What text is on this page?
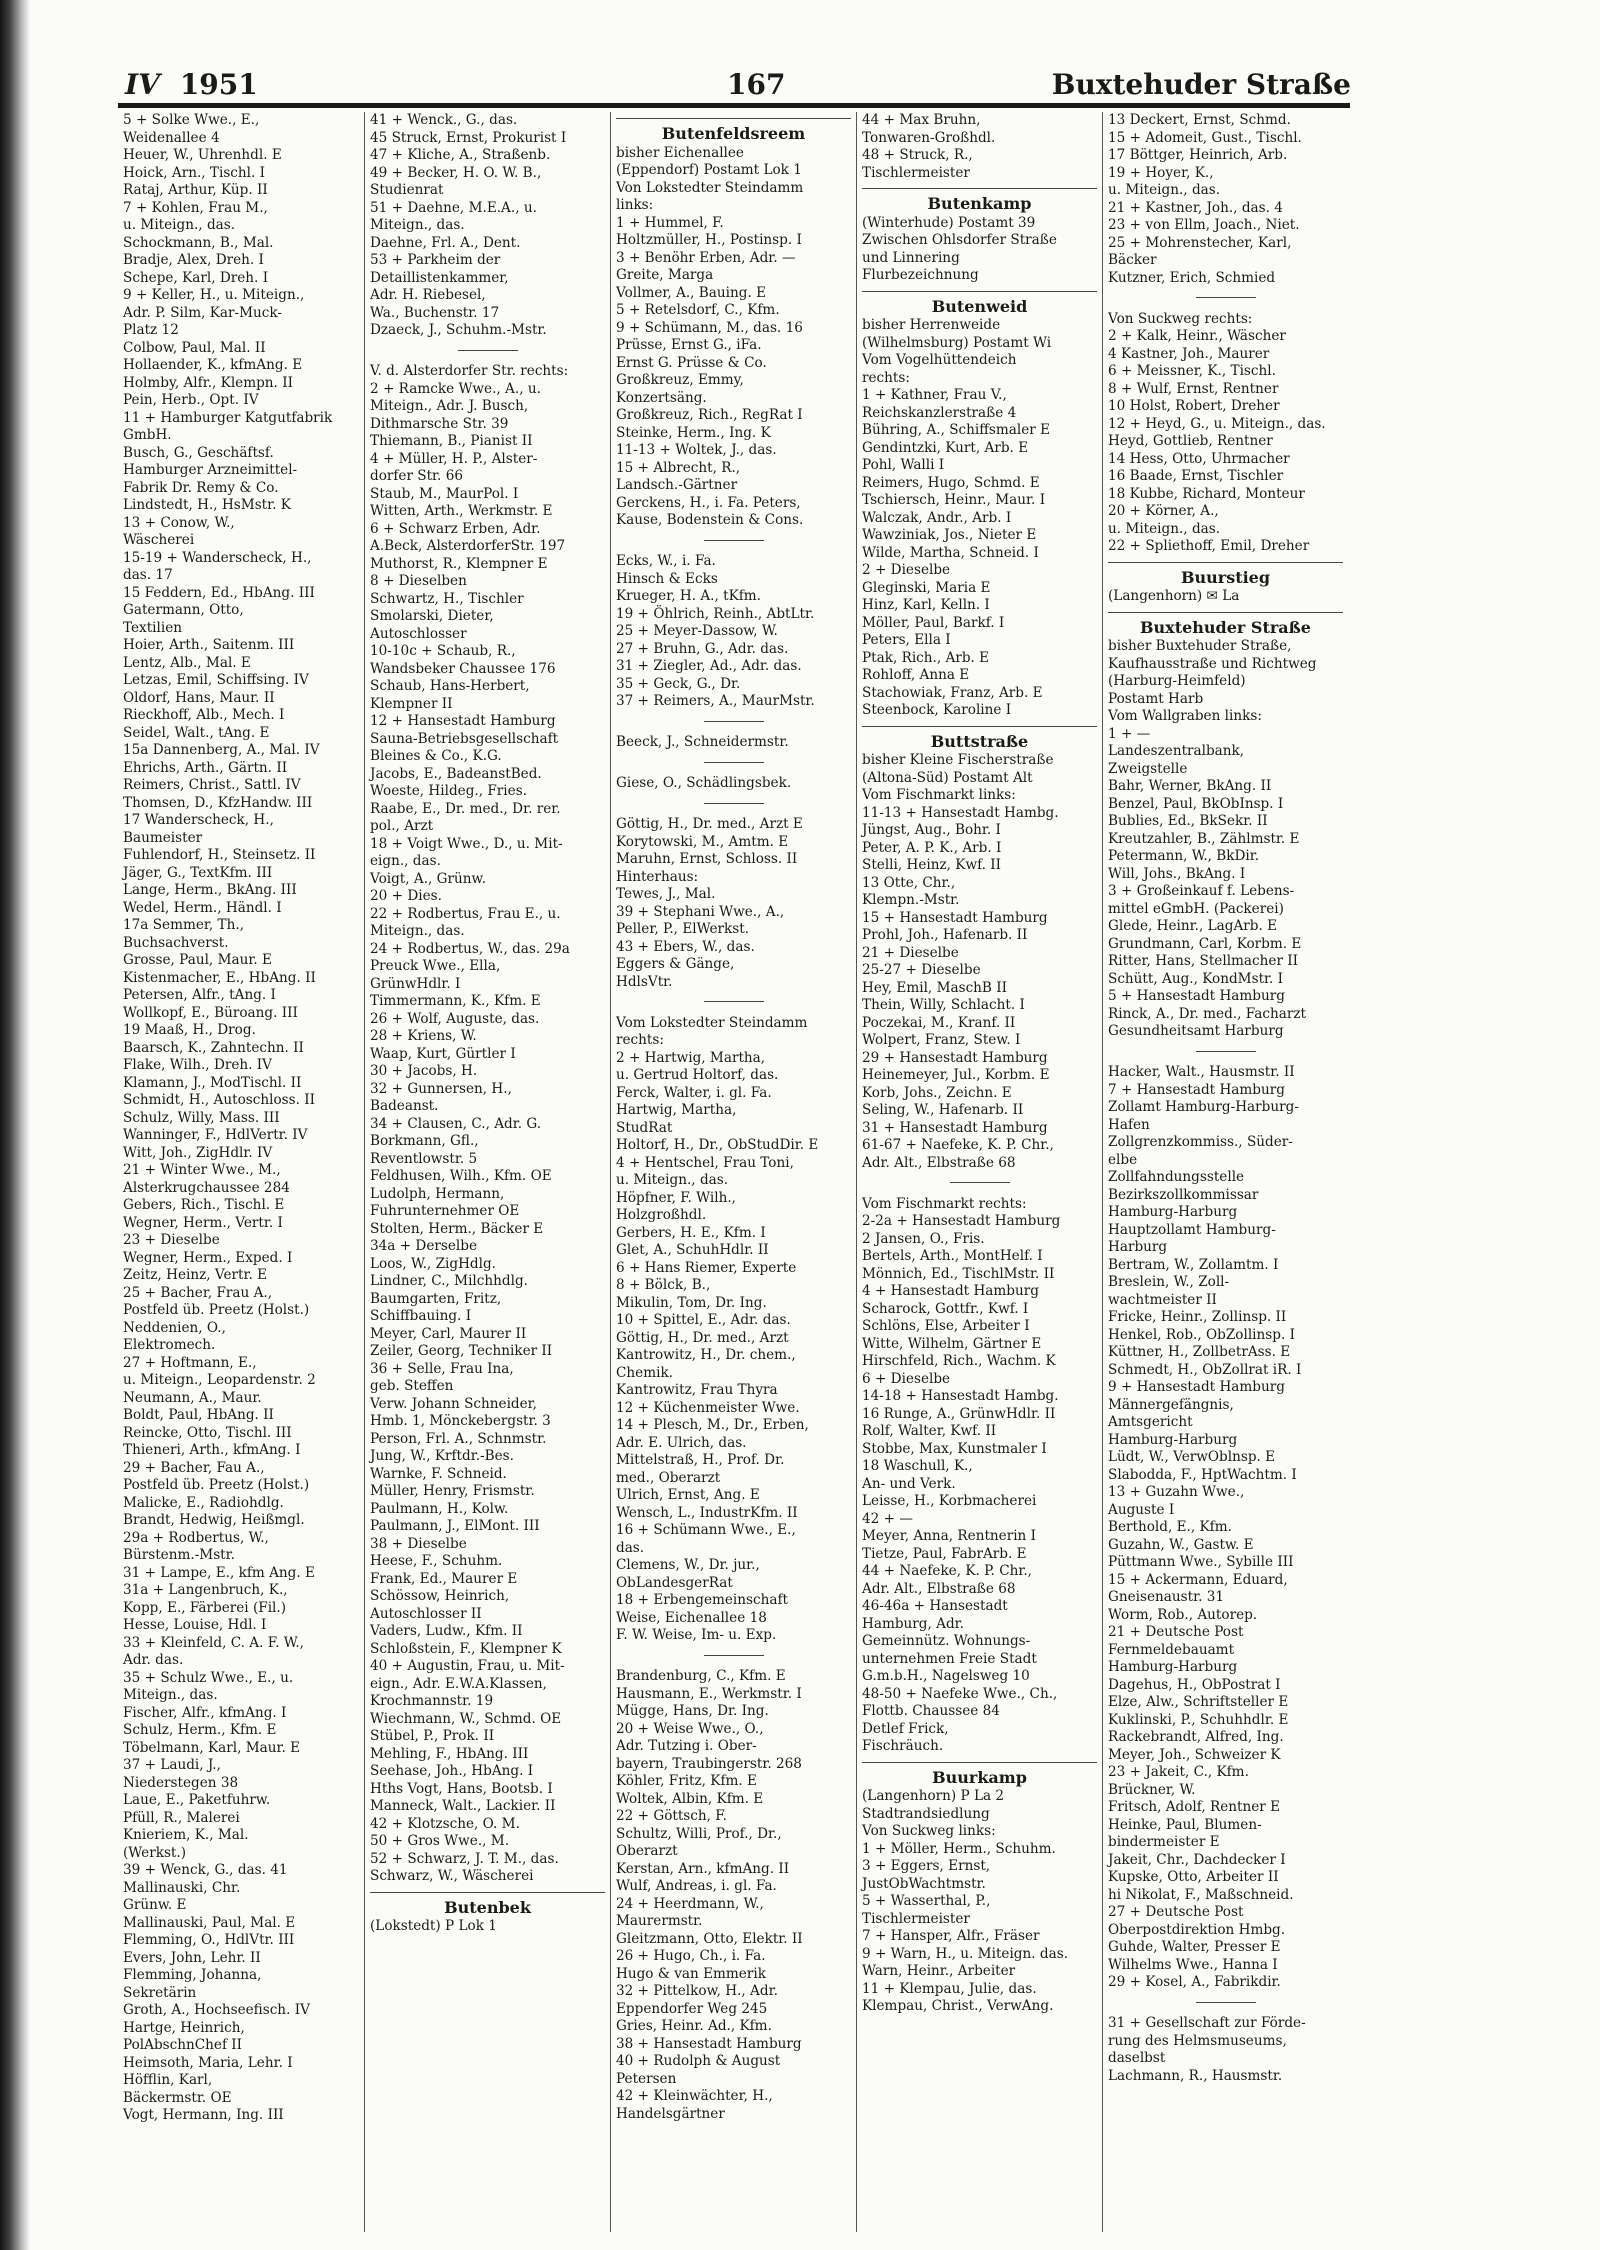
IV 1951	167	Buxtehuder Straße
5 + Solke Wwe., E.,
Weidenallee 4
Heuer, W., Uhrenhdl. E
Hoick, Arn., Tischl. I
Rataj, Arthur, Küp. II
7 + Kohlen, Frau M.,
u. Miteign., das.
Schockmann, B., Mal.
Bradje, Alex, Dreh. I
Schepe, Karl, Dreh. I
9 + Keller, H., u. Miteign.,
Adr. P. Silm, Kar-Muck-
Platz 12
Colbow, Paul, Mal. II
Hollaender, K., kfmAng. E
Holmby, Alfr., Klempn. II
Pein, Herb., Opt. IV
11 + Hamburger Katgutfabrik
GmbH.
Busch, G., Geschäftsf.
Hamburger Arzneimittel-
Fabrik Dr. Remy & Co.
Lindstedt, H., HsMstr. K
13 + Conow, W.,
Wäscherei
15-19 + Wanderscheck, H.,
das. 17
15 Feddern, Ed., HbAng. III
Gatermann, Otto,
Textilien
Hoier, Arth., Saitenm. III
Lentz, Alb., Mal. E
Letzas, Emil, Schiffsing. IV
Oldorf, Hans, Maur. II
Rieckhoff, Alb., Mech. I
Seidel, Walt., tAng. E
15a Dannenberg, A., Mal. IV
Ehrichs, Arth., Gärtn. II
Reimers, Christ., Sattl. IV
Thomsen, D., KfzHandw. III
17 Wanderscheck, H.,
Baumeister
Fuhlendorf, H., Steinsetz. II
Jäger, G., TextKfm. III
Lange, Herm., BkAng. III
Wedel, Herm., Händl. I
17a Semmer, Th.,
Buchsachverst.
Grosse, Paul, Maur. E
Kistenmacher, E., HbAng. II
Petersen, Alfr., tAng. I
Wollkopf, E., Büroang. III
19 Maaß, H., Drog.
Baarsch, K., Zahntechn. II
Flake, Wilh., Dreh. IV
Klamann, J., ModTischl. II
Schmidt, H., Autoschloss. II
Schulz, Willy, Mass. III
Wanninger, F., HdlVertr. IV
Witt, Joh., ZigHdlr. IV
21 + Winter Wwe., M.,
Alsterkrugchaussee 284
Gebers, Rich., Tischl. E
Wegner, Herm., Vertr. I
23 + Dieselbe
Wegner, Herm., Exped. I
Zeitz, Heinz, Vertr. E
25 + Bacher, Frau A.,
Postfeld üb. Preetz (Holst.)
Neddenien, O.,
Elektromech.
27 + Hoftmann, E.,
u. Miteign., Leopardenstr. 2
Neumann, A., Maur.
Boldt, Paul, HbAng. II
Reincke, Otto, Tischl. III
Thieneri, Arth., kfmAng. I
29 + Bacher, Fau A.,
Postfeld üb. Preetz (Holst.)
Malicke, E., Radiohdlg.
Brandt, Hedwig, Heißmgl.
29a + Rodbertus, W.,
Bürstenm.-Mstr.
31 + Lampe, E., kfm Ang. E
31a + Langenbruch, K.,
Kopp, E., Färberei (Fil.)
Hesse, Louise, Hdl. I
33 + Kleinfeld, C. A. F. W.,
Adr. das.
35 + Schulz Wwe., E., u.
Miteign., das.
Fischer, Alfr., kfmAng. I
Schulz, Herm., Kfm. E
Töbelmann, Karl, Maur. E
37 + Laudi, J.,
Niederstegen 38
Laue, E., Paketfuhrw.
Pfüll, R., Malerei
Knieriem, K., Mal.
(Werkst.)
39 + Wenck, G., das. 41
Mallinauski, Chr.
Grünw. E
Mallinauski, Paul, Mal. E
Flemming, O., HdlVtr. III
Evers, John, Lehr. II
Flemming, Johanna,
Sekretärin
Groth, A., Hochseefisch. IV
Hartge, Heinrich,
PolAbschnChef II
Heimsoth, Maria, Lehr. I
Höfflin, Karl,
Bäckermstr. OE
Vogt, Hermann, Ing. III
41 + Wenck., G., das.
45 Struck, Ernst, Prokurist I
47 + Kliche, A., Straßenb.
49 + Becker, H. O. W. B.,
Studienrat
51 + Daehne, M.E.A., u.
Miteign., das.
Daehne, Frl. A., Dent.
53 + Parkheim der
Detaillistenkammer,
Adr. H. Riebesel,
Wa., Buchenstr. 17
Dzaeck, J., Schuhm.-Mstr.
V. d. Alsterdorfer Str. rechts:
2 + Ramcke Wwe., A., u.
Miteign., Adr. J. Busch,
Dithmarsche Str. 39
Thiemann, B., Pianist II
4 + Müller, H. P., Alster-
dorfer Str. 66
Staub, M., MaurPol. I
Witten, Arth., Werkmstr. E
6 + Schwarz Erben, Adr.
A.Beck, AlsterdorferStr. 197
Muthorst, R., Klempner E
8 + Dieselben
Schwartz, H., Tischler
Smolarski, Dieter,
Autoschlosser
10-10c + Schaub, R.,
Wandsbeker Chaussee 176
Schaub, Hans-Herbert,
Klempner II
12 + Hansestadt Hamburg
Sauna-Betriebsgesellschaft
Bleines & Co., K.G.
Jacobs, E., BadeanstBed.
Woeste, Hildeg., Fries.
Raabe, E., Dr. med., Dr. rer.
pol., Arzt
18 + Voigt Wwe., D., u. Mit-
eign., das.
Voigt, A., Grünw.
20 + Dies.
22 + Rodbertus, Frau E., u.
Miteign., das.
24 + Rodbertus, W., das. 29a
Preuck Wwe., Ella,
GrünwHdlr. I
Timmermann, K., Kfm. E
26 + Wolf, Auguste, das.
28 + Kriens, W.
Waap, Kurt, Gürtler I
30 + Jacobs, H.
32 + Gunnersen, H.,
Badeanst.
34 + Clausen, C., Adr. G.
Borkmann, Gfl.,
Reventlowstr. 5
Feldhusen, Wilh., Kfm. OE
Ludolph, Hermann,
Fuhrunternehmer OE
Stolten, Herm., Bäcker E
34a + Derselbe
Loos, W., ZigHdlg.
Lindner, C., Milchhdlg.
Baumgarten, Fritz,
Schiffbauing. I
Meyer, Carl, Maurer II
Zeiler, Georg, Techniker II
36 + Selle, Frau Ina,
geb. Steffen
Verw. Johann Schneider,
Hmb. 1, Mönckebergstr. 3
Person, Frl. A., Schnmstr.
Jung, W., Krftdr.-Bes.
Warnke, F. Schneid.
Müller, Henry, Frismstr.
Paulmann, H., Kolw.
Paulmann, J., ElMont. III
38 + Dieselbe
Heese, F., Schuhm.
Frank, Ed., Maurer E
Schössow, Heinrich,
Autoschlosser II
Vaders, Ludw., Kfm. II
Schloßstein, F., Klempner K
40 + Augustin, Frau, u. Mit-
eign., Adr. E.W.A.Klassen,
Krochmannstr. 19
Wiechmann, W., Schmd. OE
Stübel, P., Prok. II
Mehling, F., HbAng. III
Seehase, Joh., HbAng. I
Hths Vogt, Hans, Bootsb. I
Manneck, Walt., Lackier. II
42 + Klotzsche, O. M.
50 + Gros Wwe., M.
52 + Schwarz, J. T. M., das.
Schwarz, W., Wäscherei
Butenbek
(Lokstedt) P Lok 1
Butenfeldsreem
bisher Eichenallee
(Eppendorf) Postamt Lok 1
Von Lokstedter Steindamm
links:
1 + Hummel, F.
Holtzmüller, H., Postinsp. I
3 + Benöhr Erben, Adr. —
Greite, Marga
Vollmer, A., Bauing. E
5 + Retelsdorf, C., Kfm.
9 + Schümann, M., das. 16
Prüsse, Ernst G., iFa.
Ernst G. Prüsse & Co.
Großkreuz, Emmy,
Konzertsäng.
Großkreuz, Rich., RegRat I
Steinke, Herm., Ing. K
11-13 + Woltek, J., das.
15 + Albrecht, R.,
Landsch.-Gärtner
Gerckens, H., i. Fa. Peters,
Kause, Bodenstein & Cons.
Ecks, W., i. Fa.
Hinsch & Ecks
Krueger, H. A., tKfm.
19 + Öhlrich, Reinh., AbtLtr.
25 + Meyer-Dassow, W.
27 + Bruhn, G., Adr. das.
31 + Ziegler, Ad., Adr. das.
35 + Geck, G., Dr.
37 + Reimers, A., MaurMstr.
Beeck, J., Schneidermstr.
Giese, O., Schädlingsbek.
Göttig, H., Dr. med., Arzt E
Korytowski, M., Amtm. E
Maruhn, Ernst, Schloss. II
Hinterhaus:
Tewes, J., Mal.
39 + Stephani Wwe., A.,
Peller, P., ElWerkst.
43 + Ebers, W., das.
Eggers & Gänge,
HdlsVtr.
Vom Lokstedter Steindamm
rechts:
2 + Hartwig, Martha,
u. Gertrud Holtorf, das.
Ferck, Walter, i. gl. Fa.
Hartwig, Martha,
StudRat
Holtorf, H., Dr., ObStudDir. E
4 + Hentschel, Frau Toni,
u. Miteign., das.
Höpfner, F. Wilh.,
Holzgroßhdl.
Gerbers, H. E., Kfm. I
Glet, A., SchuhHdlr. II
6 + Hans Riemer, Experte
8 + Bölck, B.,
Mikulin, Tom, Dr. Ing.
10 + Spittel, E., Adr. das.
Göttig, H., Dr. med., Arzt
Kantrowitz, H., Dr. chem.,
Chemik.
Kantrowitz, Frau Thyra
12 + Küchenmeister Wwe.
14 + Plesch, M., Dr., Erben,
Adr. E. Ulrich, das.
Mittelstraß, H., Prof. Dr.
med., Oberarzt
Ulrich, Ernst, Ang. E
Wensch, L., IndustrKfm. II
16 + Schümann Wwe., E.,
das.
Clemens, W., Dr. jur.,
ObLandesgerRat
18 + Erbengemeinschaft
Weise, Eichenallee 18
F. W. Weise, Im- u. Exp.
Brandenburg, C., Kfm. E
Hausmann, E., Werkmstr. I
Mügge, Hans, Dr. Ing.
20 + Weise Wwe., O.,
Adr. Tutzing i. Ober-
bayern, Traubingerstr. 268
Köhler, Fritz, Kfm. E
Woltek, Albin, Kfm. E
22 + Göttsch, F.
Schultz, Willi, Prof., Dr.,
Oberarzt
Kerstan, Arn., kfmAng. II
Wulf, Andreas, i. gl. Fa.
24 + Heerdmann, W.,
Maurermstr.
Gleitzmann, Otto, Elektr. II
26 + Hugo, Ch., i. Fa.
Hugo & van Emmerik
32 + Pittelkow, H., Adr.
Eppendorfer Weg 245
Gries, Heinr. Ad., Kfm.
38 + Hansestadt Hamburg
40 + Rudolph & August
Petersen
42 + Kleinwächter, H.,
Handelsgärtner
44 + Max Bruhn,
Tonwaren-Großhdl.
48 + Struck, R.,
Tischlermeister
Butenkamp
(Winterhude) Postamt 39
Zwischen Ohlsdorfer Straße
und Linnering
Flurbezeichnung
Butenweid
bisher Herrenweide
(Wilhelmsburg) Postamt Wi
Vom Vogelhüttendeich
rechts:
1 + Kathner, Frau V.,
Reichskanzlerstraße 4
Bühring, A., Schiffsmaler E
Gendintzki, Kurt, Arb. E
Pohl, Walli I
Reimers, Hugo, Schmd. E
Tschiersch, Heinr., Maur. I
Walczak, Andr., Arb. I
Wawziniak, Jos., Nieter E
Wilde, Martha, Schneid. I
2 + Dieselbe
Gleginski, Maria E
Hinz, Karl, Kelln. I
Möller, Paul, Barkf. I
Peters, Ella I
Ptak, Rich., Arb. E
Rohloff, Anna E
Stachowiak, Franz, Arb. E
Steenbock, Karoline I
Buttstraße
bisher Kleine Fischerstraße
(Altona-Süd) Postamt Alt
Vom Fischmarkt links:
11-13 + Hansestadt Hambg.
Jüngst, Aug., Bohr. I
Peter, A. P. K., Arb. I
Stelli, Heinz, Kwf. II
13 Otte, Chr.,
Klempn.-Mstr.
15 + Hansestadt Hamburg
Prohl, Joh., Hafenarb. II
21 + Dieselbe
25-27 + Dieselbe
Hey, Emil, MaschB II
Thein, Willy, Schlacht. I
Poczekai, M., Kranf. II
Wolpert, Franz, Stew. I
29 + Hansestadt Hamburg
Heinemeyer, Jul., Korbm. E
Korb, Johs., Zeichn. E
Seling, W., Hafenarb. II
31 + Hansestadt Hamburg
61-67 + Naefeke, K. P. Chr.,
Adr. Alt., Elbstraße 68
Vom Fischmarkt rechts:
2-2a + Hansestadt Hamburg
2 Jansen, O., Fris.
Bertels, Arth., MontHelf. I
Mönnich, Ed., TischlMstr. II
4 + Hansestadt Hamburg
Scharock, Gottfr., Kwf. I
Schlöns, Else, Arbeiter I
Witte, Wilhelm, Gärtner E
Hirschfeld, Rich., Wachm. K
6 + Dieselbe
14-18 + Hansestadt Hambg.
16 Runge, A., GrünwHdlr. II
Rolf, Walter, Kwf. II
Stobbe, Max, Kunstmaler I
18 Waschull, K.,
An- und Verk.
Leisse, H., Korbmacherei
42 + —
Meyer, Anna, Rentnerin I
Tietze, Paul, FabrArb. E
44 + Naefeke, K. P. Chr.,
Adr. Alt., Elbstraße 68
46-46a + Hansestadt
Hamburg, Adr.
Gemeinnütz. Wohnungs-
unternehmen Freie Stadt
G.m.b.H., Nagelsweg 10
48-50 + Naefeke Wwe., Ch.,
Flottb. Chaussee 84
Detlef Frick,
Fischräuch.
Buurkamp
(Langenhorn) P La 2
Stadtrandsiedlung
Von Suckweg links:
1 + Möller, Herm., Schuhm.
3 + Eggers, Ernst,
JustObWachtmstr.
5 + Wasserthal, P.,
Tischlermeister
7 + Hansper, Alfr., Fräser
9 + Warn, H., u. Miteign. das.
Warn, Heinr., Arbeiter
11 + Klempau, Julie, das.
Klempau, Christ., VerwAng.
13 Deckert, Ernst, Schmd.
15 + Adomeit, Gust., Tischl.
17 Böttger, Heinrich, Arb.
19 + Hoyer, K.,
u. Miteign., das.
21 + Kastner, Joh., das. 4
23 + von Ellm, Joach., Niet.
25 + Mohrenstecher, Karl,
Bäcker
Kutzner, Erich, Schmied
Von Suckweg rechts:
2 + Kalk, Heinr., Wäscher
4 Kastner, Joh., Maurer
6 + Meissner, K., Tischl.
8 + Wulf, Ernst, Rentner
10 Holst, Robert, Dreher
12 + Heyd, G., u. Miteign., das.
Heyd, Gottlieb, Rentner
14 Hess, Otto, Uhrmacher
16 Baade, Ernst, Tischler
18 Kubbe, Richard, Monteur
20 + Körner, A.,
u. Miteign., das.
22 + Spliethoff, Emil, Dreher
Buurstieg
(Langenhorn) ✉ La
Buxtehuder Straße
bisher Buxtehuder Straße,
Kaufhausstraße und Richtweg
(Harburg-Heimfeld)
Postamt Harb
Vom Wallgraben links:
1 + —
Landeszentralbank,
Zweigstelle
Bahr, Werner, BkAng. II
Benzel, Paul, BkObInsp. I
Bublies, Ed., BkSekr. II
Kreutzahler, B., Zählmstr. E
Petermann, W., BkDir.
Will, Johs., BkAng. I
3 + Großeinkauf f. Lebens-
mittel eGmbH. (Packerei)
Glede, Heinr., LagArb. E
Grundmann, Carl, Korbm. E
Ritter, Hans, Stellmacher II
Schütt, Aug., KondMstr. I
5 + Hansestadt Hamburg
Rinck, A., Dr. med., Facharzt
Gesundheitsamt Harburg
Hacker, Walt., Hausmstr. II
7 + Hansestadt Hamburg
Zollamt Hamburg-Harburg-
Hafen
Zollgrenzkommiss., Süder-
elbe
Zollfahndungsstelle
Bezirkszollkommissar
Hamburg-Harburg
Hauptzollamt Hamburg-
Harburg
Bertram, W., Zollamtm. I
Breslein, W., Zoll-
wachtmeister II
Fricke, Heinr., Zollinsp. II
Henkel, Rob., ObZollinsp. I
Küttner, H., ZollbetrAss. E
Schmedt, H., ObZollrat iR. I
9 + Hansestadt Hamburg
Männergefängnis,
Amtsgericht
Hamburg-Harburg
Lüdt, W., VerwOblnsp. E
Slabodda, F., HptWachtm. I
13 + Guzahn Wwe.,
Auguste I
Berthold, E., Kfm.
Guzahn, W., Gastw. E
Püttmann Wwe., Sybille III
15 + Ackermann, Eduard,
Gneisenaustr. 31
Worm, Rob., Autorep.
21 + Deutsche Post
Fernmeldebauamt
Hamburg-Harburg
Dagehus, H., ObPostrat I
Elze, Alw., Schriftsteller E
Kuklinski, P., Schuhhdlr. E
Rackebrandt, Alfred, Ing.
Meyer, Joh., Schweizer K
23 + Jakeit, C., Kfm.
Brückner, W.
Fritsch, Adolf, Rentner E
Heinke, Paul, Blumen-
bindermeister E
Jakeit, Chr., Dachdecker I
Kupske, Otto, Arbeiter II
hi Nikolat, F., Maßschneid.
27 + Deutsche Post
Oberpostdirektion Hmbg.
Guhde, Walter, Presser E
Wilhelms Wwe., Hanna I
29 + Kosel, A., Fabrikdir.
31 + Gesellschaft zur Förde-
rung des Helmsmuseums,
daselbst
Lachmann, R., Hausmstr.
